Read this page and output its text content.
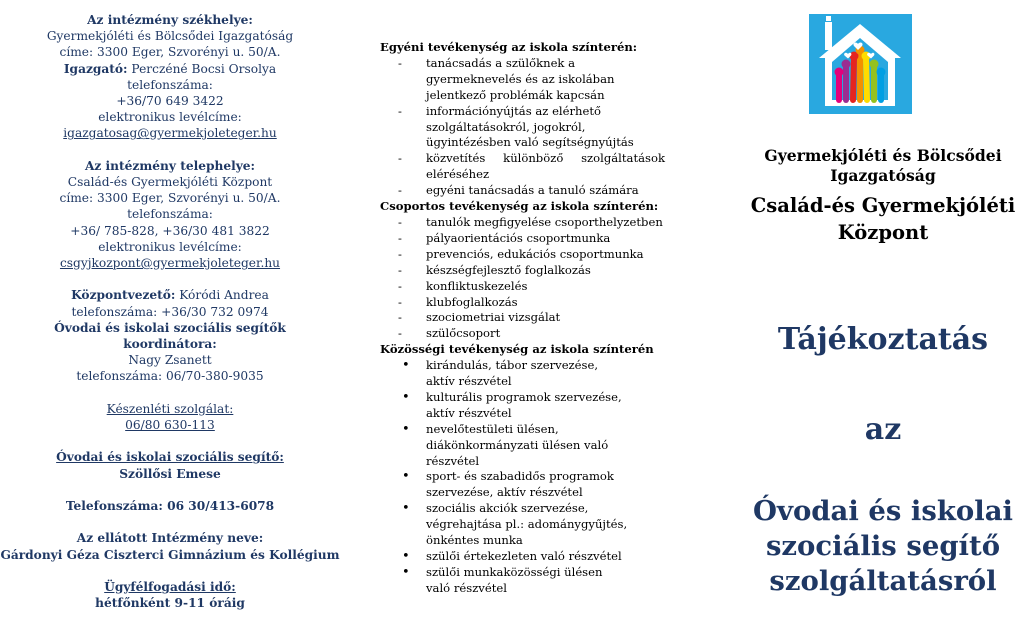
Az intézmény székhelye:
Gyermekjóléti és Bölcsődei Igazgatóság
címe: 3300 Eger, Szvorényi u. 50/A.
Igazgató: Perczéné Bocsi Orsolya
telefonszáma:
+36/70 649 3422
elektronikus levélcíme:
igazgatosag@gyermekjoleteger.hu
Az intézmény telephelye:
Család-és Gyermekjóléti Központ
címe: 3300 Eger, Szvorényi u. 50/A.
telefonszáma:
+36/ 785-828, +36/30 481 3822
elektronikus levélcíme:
csgyjkozpont@gyermekjoleteger.hu
Központvezető: Kóródi Andrea
telefonszáma: +36/30 732 0974
Óvodai és iskolai szociális segítők koordinátora:
Nagy Zsanett
telefonszáma: 06/70-380-9035
Készenléti szolgálat:
06/80 630-113
Óvodai és iskolai szociális segítő:
Szöllősi Emese
Telefonszáma: 06 30/413-6078
Az ellátott Intézmény neve:
Gárdonyi Géza Ciszterci Gimnázium és Kollégium
Ügyfélfogadási idő:
hétfőnként 9-11 óráig
Egyéni tevékenység az iskola színterén:
- tanácsadás a szülőknek a gyermeknevelés és az iskolában jelentkező problémák kapcsán
- információnyújtás az elérhető szolgáltatásokról, jogokról, ügyintézésben való segítségnyújtás
- közvetítés különböző szolgáltatások eléréséhez
- egyéni tanácsadás a tanuló számára
Csoportos tevékenység az iskola színterén:
- tanulók megfigyelése csoporthelyzetben
- pályaorientációs csoportmunka
- prevenciós, edukációs csoportmunka
- készségfejlesztő foglalkozás
- konfliktuskezelés
- klubfoglalkozás
- szociometriai vizsgálat
- szülőcsoport
Közösségi tevékenység az iskola színterén
• kirándulás, tábor szervezése, aktív részvétel
• kulturális programok szervezése, aktív részvétel
• nevelőtestületi ülésen, diákönkormányzati ülésen való részvétel
• sport- és szabadidős programok szervezése, aktív részvétel
• szociális akciók szervezése, végrehajtása pl.: adománygyűjtés, önkéntes munka
• szülői értekezleten való részvétel
• szülői munkaközösségi ülésen való részvétel
Gyermekjóléti és Bölcsődei Igazgatóság
Család-és Gyermekjóléti Központ
Tájékoztatás
az
Óvodai és iskolai szociális segítő szolgáltatásról
